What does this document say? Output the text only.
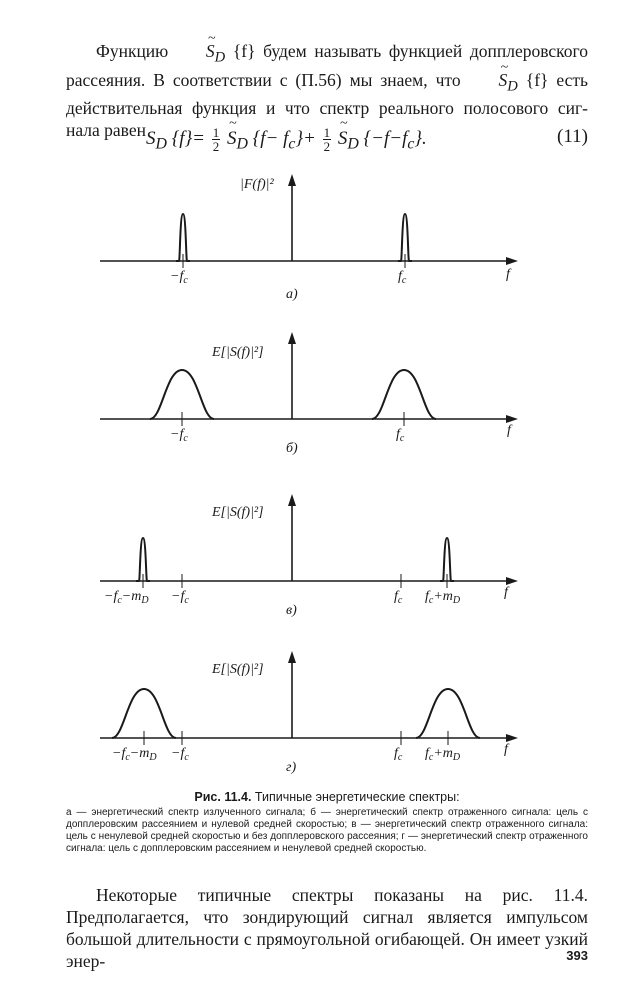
Функцию ~ $S_D$ {f} будем называть функцией допплеровского рассеяния. В соответствии с (П.56) мы знаем, что ~ $S_D$ {f} есть действительная функция и что спектр реального полосового сиг- нала равен $S_D$ $\{f\}= \frac{1}{2}$ ~ $S_D$ $\{f- f_c\}+ \frac{1}{2}$ ~ $S_D$ $\{-f-f_c\}$.	(11)
|F(f)|²
$-f_c$	$f_c$	f
а)
E[|S(f)|²]
$-f_c$	$f_c$
f
б)
E[|S(f)|²]
$-f_c-m_D -f_c$	$f_c$ $f_c+m_D$
f
в)
E[|S(f)|²]
$-f_c-m_D -f_c$	$f_c$ $f_c+m_D$
f
г)

Рис. 11.4. Типичные энергетические спектры:

а — энергетический спектр излученного сигнала; б — энергетический спектр отраженного сигнала: цель с допплеровским рассеянием и нулевой средней скоростью; в — энергетический спектр отраженного сигнала: цель с ненулевой средней скоростью и без допплеровского рассеяния; г — энергетический спектр отраженного сигнала: цель с допплеровским рассеянием и ненулевой средней скоростью.

Некоторые типичные спектры показаны на рис. 11.4. Предполагается, что зондирующий сигнал является импульсом большой длительности с прямоугольной огибающей. Он имеет узкий энер-	393
